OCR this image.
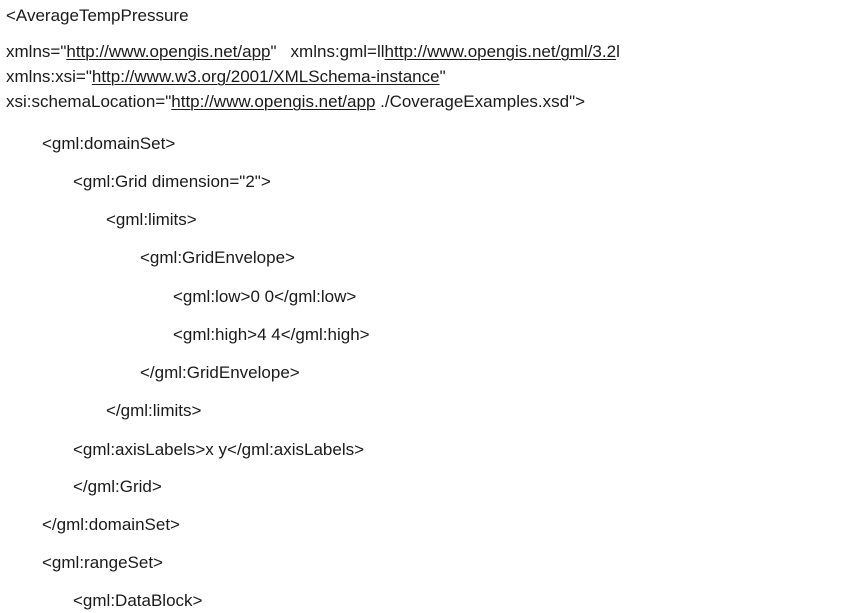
<AverageTempPressure
xmlns="http://www.opengis.net/app" xmlns:gml=llhttp://www.opengis.net/gml/3.2l
xmlns:xsi="http://www.w3.org/2001/XMLSchema-instance"
xsi:schemaLocation="http://www.opengis.net/app ./CoverageExamples.xsd">
<gml:domainSet>
<gml:Grid dimension="2">
<gml:limits>
<gml:GridEnvelope>
<gml:low>0 0</gml:low>
<gml:high>4 4</gml:high>
</gml:GridEnvelope>
</gml:limits>
<gml:axisLabels>x y</gml:axisLabels>
</gml:Grid>
</gml:domainSet>
<gml:rangeSet>
<gml:DataBlock>
